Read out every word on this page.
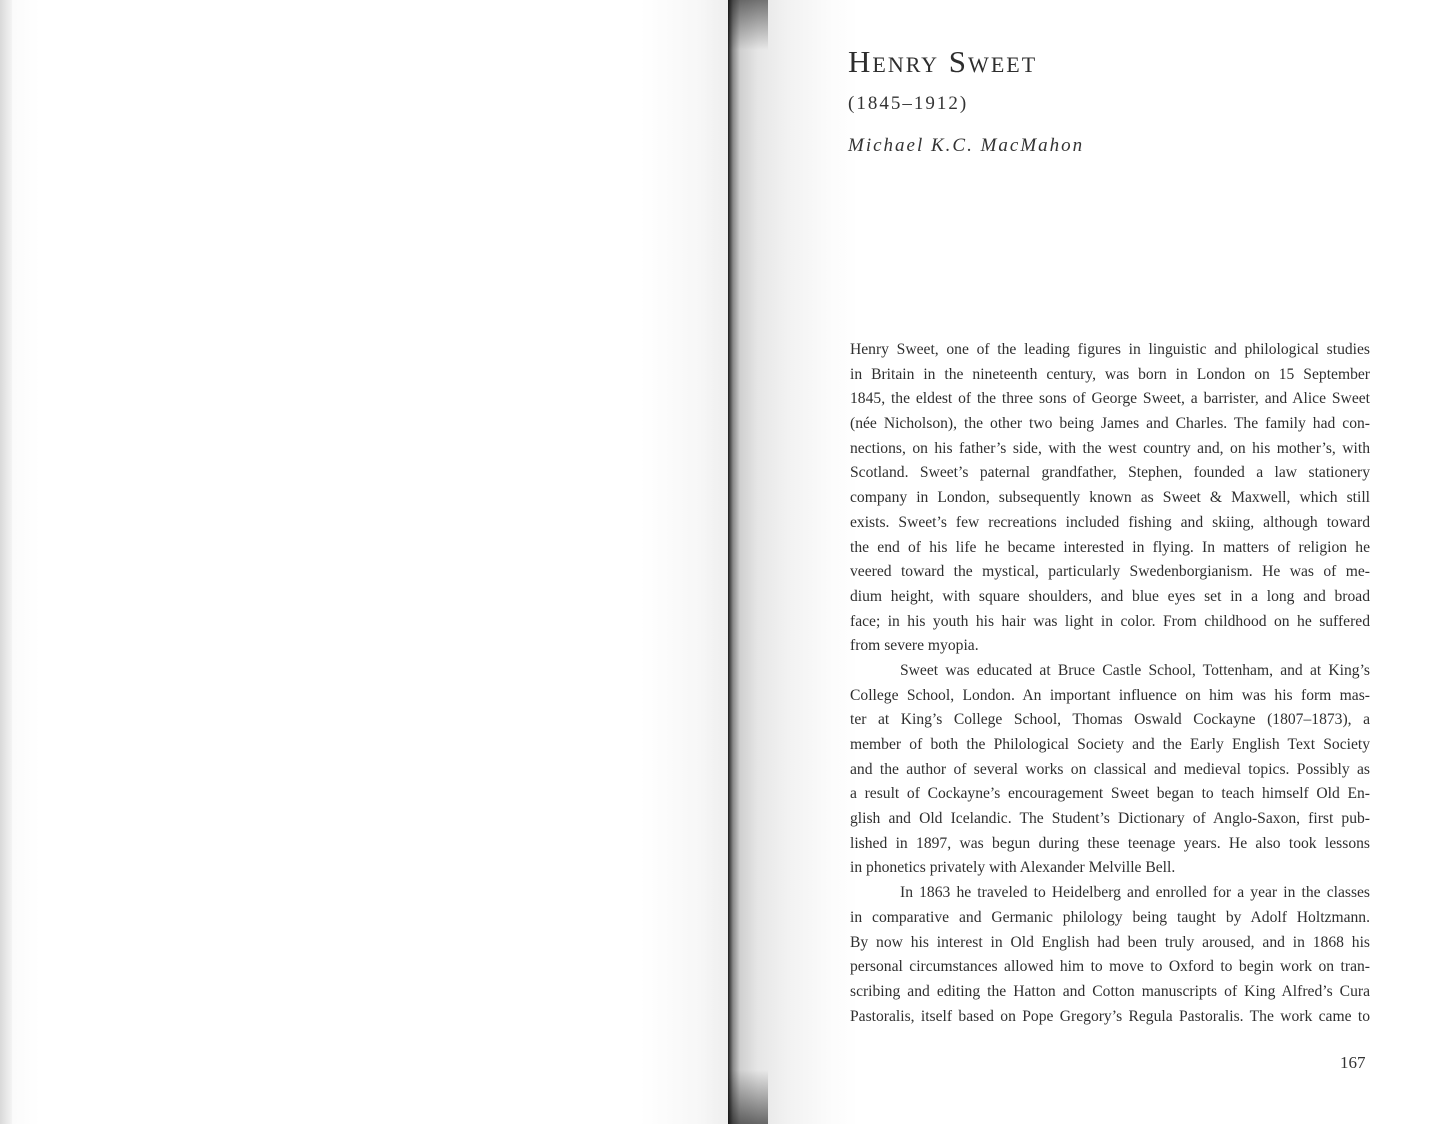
Henry Sweet
(1845–1912)
Michael K.C. MacMahon
Henry Sweet, one of the leading figures in linguistic and philological studies
in Britain in the nineteenth century, was born in London on 15 September
1845, the eldest of the three sons of George Sweet, a barrister, and Alice Sweet
(née Nicholson), the other two being James and Charles. The family had con-
nections, on his father’s side, with the west country and, on his mother’s, with
Scotland. Sweet’s paternal grandfather, Stephen, founded a law stationery
company in London, subsequently known as Sweet & Maxwell, which still
exists. Sweet’s few recreations included fishing and skiing, although toward
the end of his life he became interested in flying. In matters of religion he
veered toward the mystical, particularly Swedenborgianism. He was of me-
dium height, with square shoulders, and blue eyes set in a long and broad
face; in his youth his hair was light in color. From childhood on he suffered
from severe myopia.
Sweet was educated at Bruce Castle School, Tottenham, and at King’s
College School, London. An important influence on him was his form mas-
ter at King’s College School, Thomas Oswald Cockayne (1807–1873), a
member of both the Philological Society and the Early English Text Society
and the author of several works on classical and medieval topics. Possibly as
a result of Cockayne’s encouragement Sweet began to teach himself Old En-
glish and Old Icelandic. The Student’s Dictionary of Anglo-Saxon, first pub-
lished in 1897, was begun during these teenage years. He also took lessons
in phonetics privately with Alexander Melville Bell.
In 1863 he traveled to Heidelberg and enrolled for a year in the classes
in comparative and Germanic philology being taught by Adolf Holtzmann.
By now his interest in Old English had been truly aroused, and in 1868 his
personal circumstances allowed him to move to Oxford to begin work on tran-
scribing and editing the Hatton and Cotton manuscripts of King Alfred’s Cura
Pastoralis, itself based on Pope Gregory’s Regula Pastoralis. The work came to
167
